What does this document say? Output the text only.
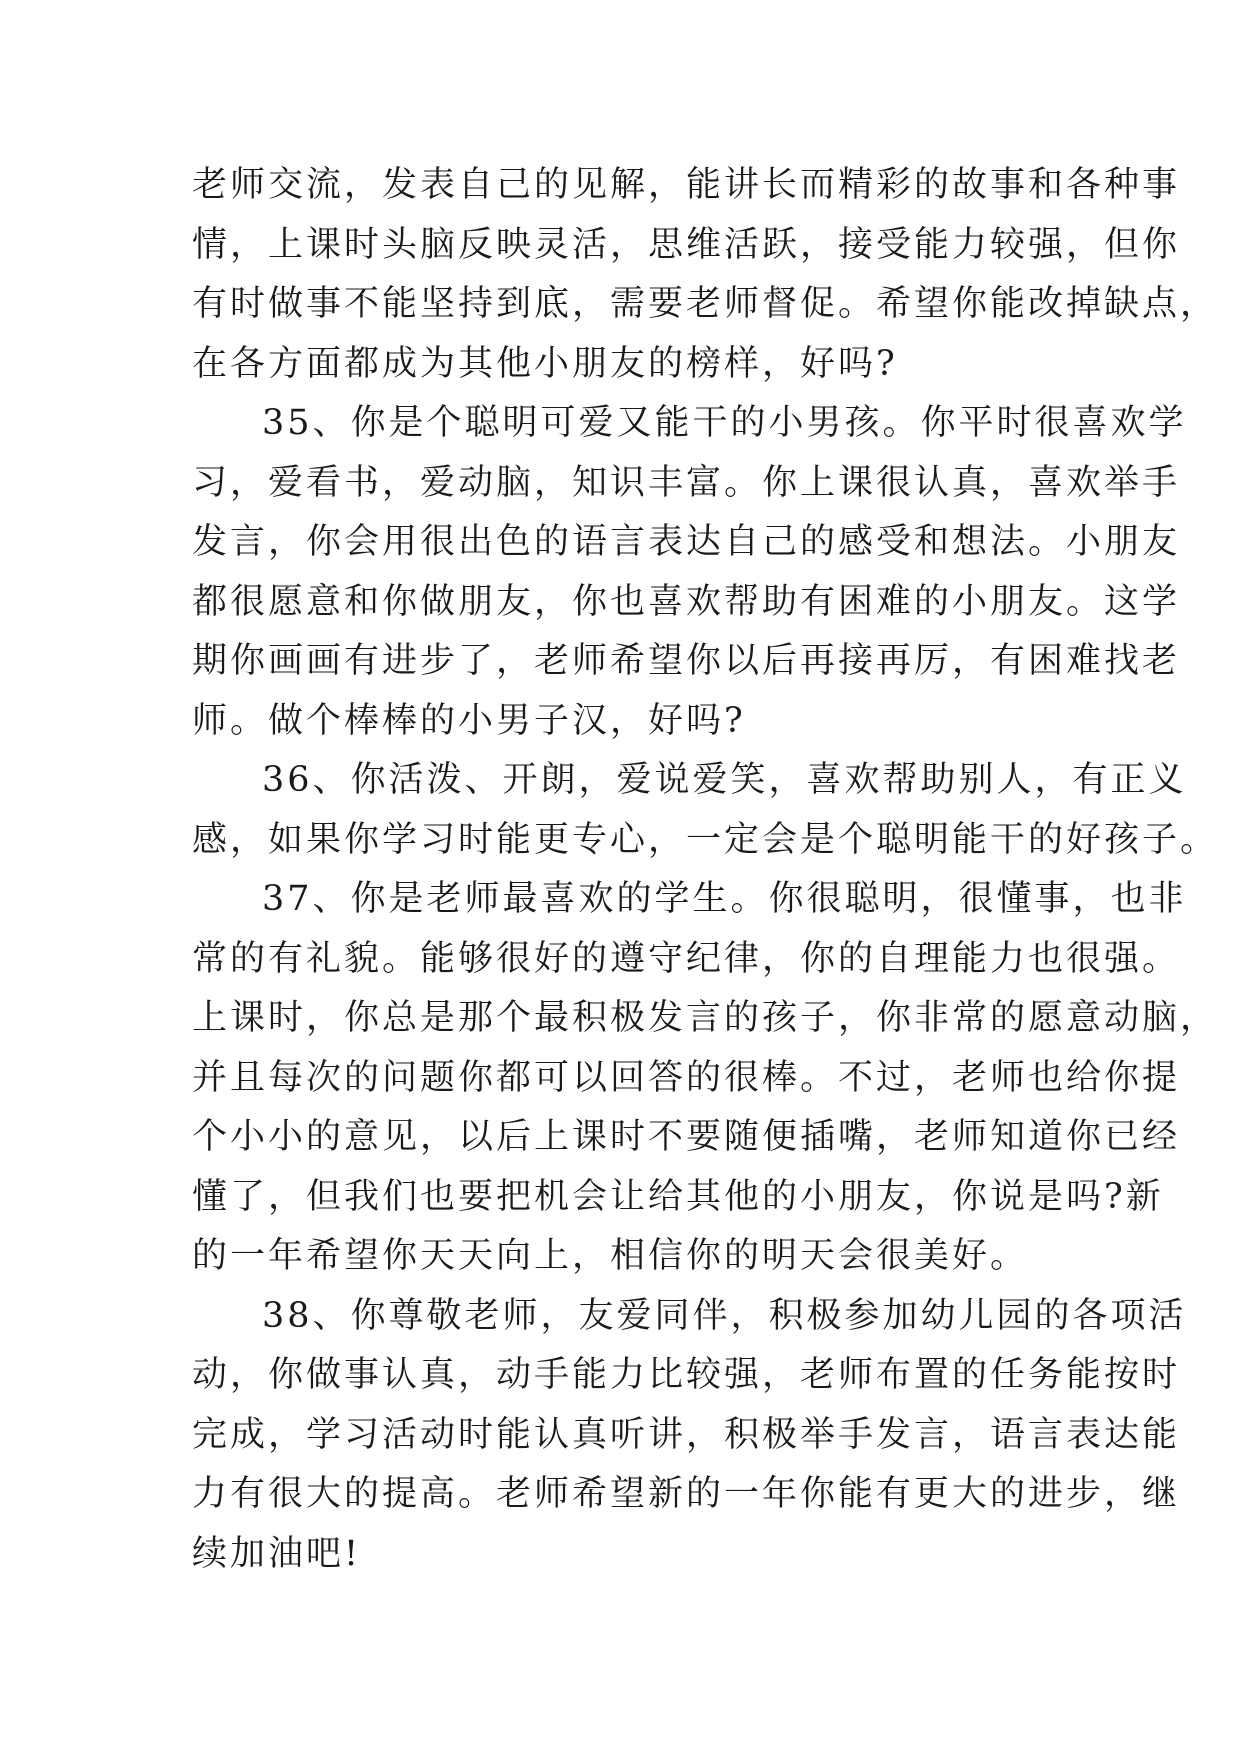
老师交流，发表自己的见解，能讲长而精彩的故事和各种事
情，上课时头脑反映灵活，思维活跃，接受能力较强，但你
有时做事不能坚持到底，需要老师督促。希望你能改掉缺点，
在各方面都成为其他小朋友的榜样，好吗?
35、你是个聪明可爱又能干的小男孩。你平时很喜欢学
习，爱看书，爱动脑，知识丰富。你上课很认真，喜欢举手
发言，你会用很出色的语言表达自己的感受和想法。小朋友
都很愿意和你做朋友，你也喜欢帮助有困难的小朋友。这学
期你画画有进步了，老师希望你以后再接再厉，有困难找老
师。做个棒棒的小男子汉，好吗?
36、你活泼、开朗，爱说爱笑，喜欢帮助别人，有正义
感，如果你学习时能更专心，一定会是个聪明能干的好孩子。
37、你是老师最喜欢的学生。你很聪明，很懂事，也非
常的有礼貌。能够很好的遵守纪律，你的自理能力也很强。
上课时，你总是那个最积极发言的孩子，你非常的愿意动脑，
并且每次的问题你都可以回答的很棒。不过，老师也给你提
个小小的意见，以后上课时不要随便插嘴，老师知道你已经
懂了，但我们也要把机会让给其他的小朋友，你说是吗?新
的一年希望你天天向上，相信你的明天会很美好。
38、你尊敬老师，友爱同伴，积极参加幼儿园的各项活
动，你做事认真，动手能力比较强，老师布置的任务能按时
完成，学习活动时能认真听讲，积极举手发言，语言表达能
力有很大的提高。老师希望新的一年你能有更大的进步，继
续加油吧!
